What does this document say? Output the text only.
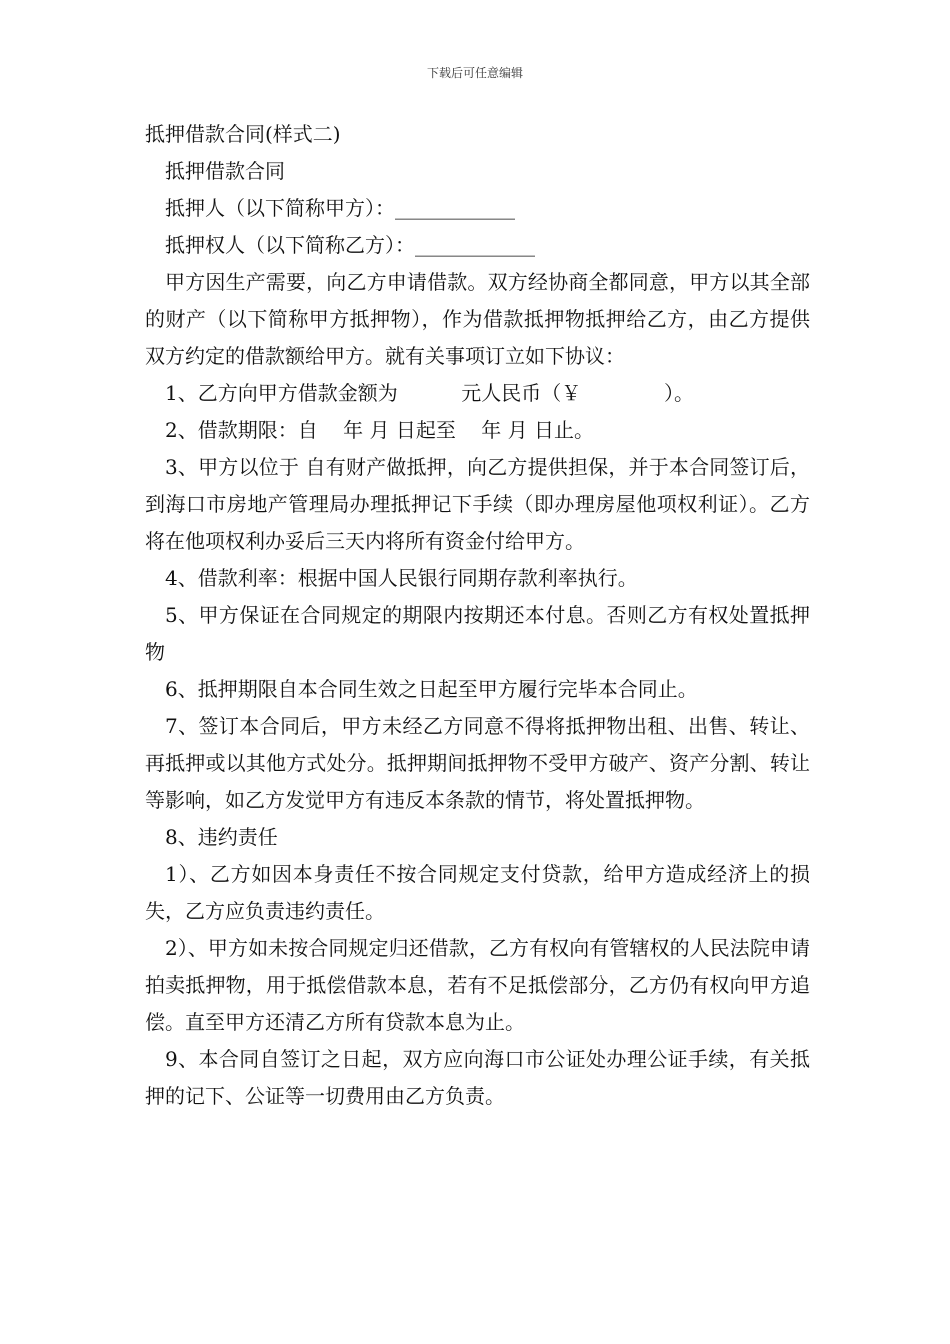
下载后可任意编辑

抵押借款合同(样式二)

抵押借款合同

抵押人（以下简称甲方）：____________

抵押权人（以下简称乙方）：____________

甲方因生产需要，向乙方申请借款。双方经协商全都同意，甲方以其全部的财产（以下简称甲方抵押物），作为借款抵押物抵押给乙方，由乙方提供双方约定的借款额给甲方。就有关事项订立如下协议：

1、乙方向甲方借款金额为          元人民币（￥             ）。

2、借款期限：自    年 月 日起至    年 月 日止。

3、甲方以位于 自有财产做抵押，向乙方提供担保，并于本合同签订后，到海口市房地产管理局办理抵押记下手续（即办理房屋他项权利证）。乙方将在他项权利办妥后三天内将所有资金付给甲方。

4、借款利率：根据中国人民银行同期存款利率执行。

5、甲方保证在合同规定的期限内按期还本付息。否则乙方有权处置抵押物

6、抵押期限自本合同生效之日起至甲方履行完毕本合同止。

7、签订本合同后，甲方未经乙方同意不得将抵押物出租、出售、转让、再抵押或以其他方式处分。抵押期间抵押物不受甲方破产、资产分割、转让等影响，如乙方发觉甲方有违反本条款的情节，将处置抵押物。

8、违约责任

1）、乙方如因本身责任不按合同规定支付贷款，给甲方造成经济上的损失，乙方应负责违约责任。

2）、甲方如未按合同规定归还借款，乙方有权向有管辖权的人民法院申请拍卖抵押物，用于抵偿借款本息，若有不足抵偿部分，乙方仍有权向甲方追偿。直至甲方还清乙方所有贷款本息为止。

9、本合同自签订之日起，双方应向海口市公证处办理公证手续，有关抵押的记下、公证等一切费用由乙方负责。
